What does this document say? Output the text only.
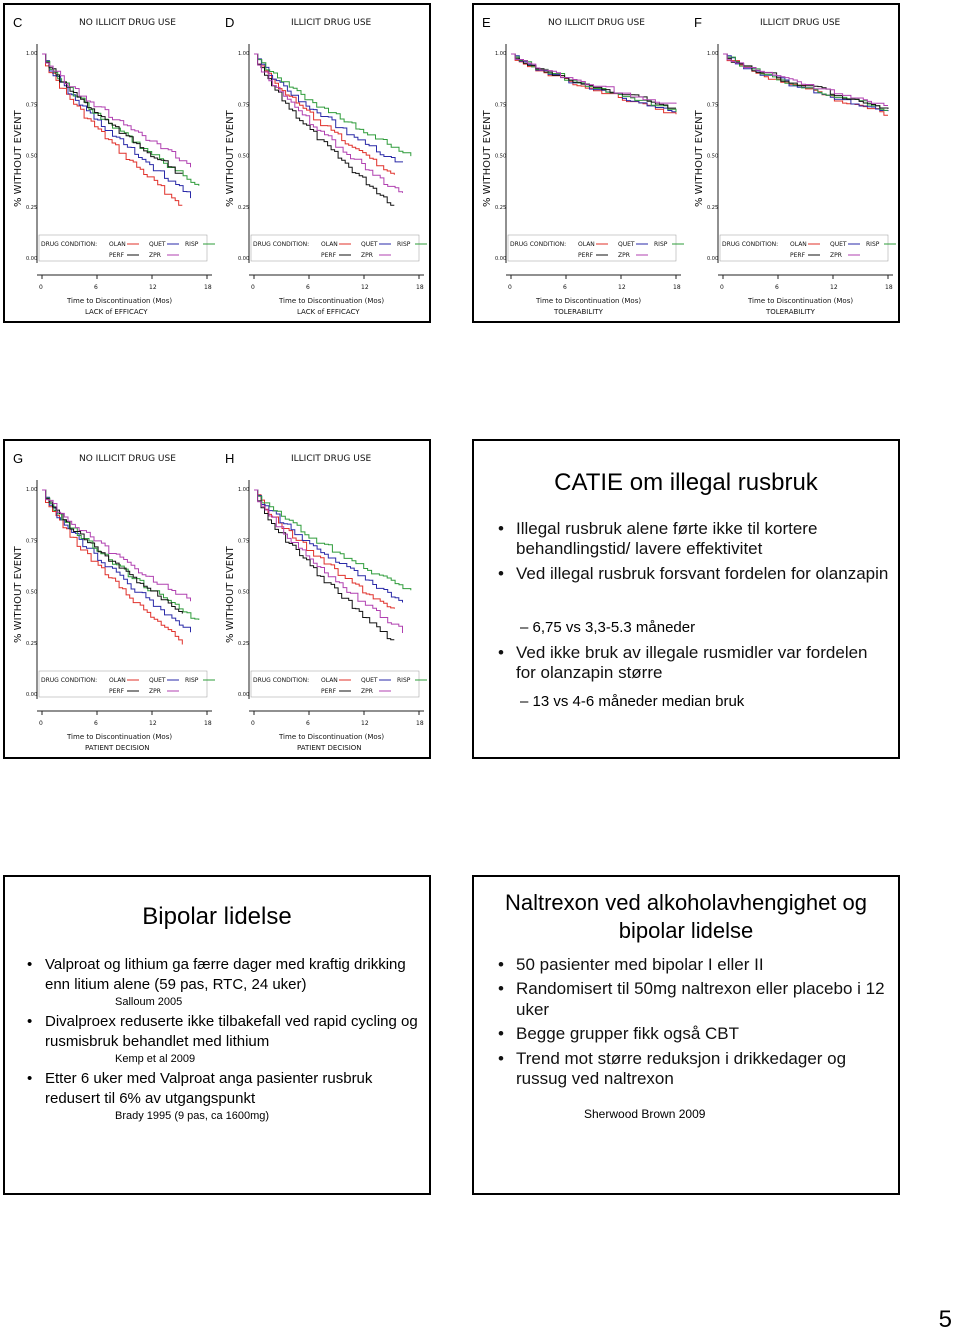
C	NO ILLICIT DRUG USE
% WITHOUT EVENT
1.00
0.75
0.50
0.25
0.00
0	6	12	18
DRUG CONDITION: OLAN	QUET	RISP
PERF	ZPR
Time to Discontinuation (Mos)
LACK of EFFICACY
D	ILLICIT DRUG USE
% WITHOUT EVENT
1.00
0.75
0.50
0.25
0.00
0	6	12	18
DRUG CONDITION: OLAN	QUET	RISP
PERF	ZPR
Time to Discontinuation (Mos)
LACK of EFFICACY
E	NO ILLICIT DRUG USE
% WITHOUT EVENT
1.00
0.75
0.50
0.25
0.00
0	6	12	18
DRUG CONDITION: OLAN	QUET	RISP
PERF	ZPR
Time to Discontinuation (Mos)
TOLERABILITY
F	ILLICIT DRUG USE
% WITHOUT EVENT
1.00
0.75
0.50
0.25
0.00
0	6	12	18
DRUG CONDITION: OLAN	QUET	RISP
PERF	ZPR
Time to Discontinuation (Mos)
TOLERABILITY
G	NO ILLICIT DRUG USE
% WITHOUT EVENT
1.00
0.75
0.50
0.25
0.00
0	6	12	18
DRUG CONDITION: OLAN	QUET	RISP
PERF	ZPR
Time to Discontinuation (Mos)
PATIENT DECISION
H	ILLICIT DRUG USE
% WITHOUT EVENT
1.00
0.75
0.50
0.25
0.00
0	6	12	18
DRUG CONDITION: OLAN	QUET	RISP
PERF	ZPR
Time to Discontinuation (Mos)
PATIENT DECISION
CATIE om illegal rusbruk
• Illegal rusbruk alene førte ikke til kortere behandlingstid/ lavere effektivitet
• Ved illegal rusbruk forsvant fordelen for olanzapin
– 6,75 vs 3,3-5.3 måneder
• Ved ikke bruk av illegale rusmidler var fordelen for olanzapin større
– 13 vs 4-6 måneder median bruk
Bipolar lidelse
• Valproat og lithium ga færre dager med kraftig drikking enn litium alene (59 pas, RTC, 24 uker)
Salloum 2005
• Divalproex reduserte ikke tilbakefall ved rapid cycling og rusmisbruk behandlet med lithium
Kemp et al 2009
• Etter 6 uker med Valproat anga pasienter rusbruk redusert til 6% av utgangspunkt
Brady 1995 (9 pas, ca 1600mg)
Naltrexon ved alkoholavhengighet og bipolar lidelse
• 50 pasienter med bipolar I eller II
• Randomisert til 50mg naltrexon eller placebo i 12 uker
• Begge grupper fikk også CBT
• Trend mot større reduksjon i drikkedager og russug ved naltrexon
Sherwood Brown 2009
5
